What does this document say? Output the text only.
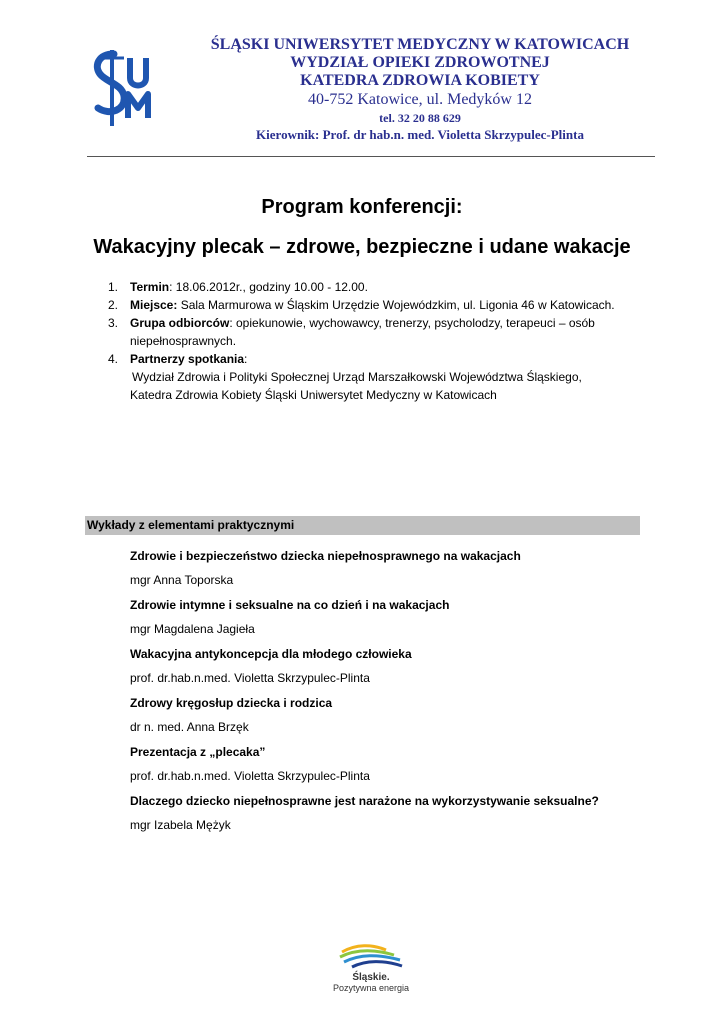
ŚLĄSKI UNIWERSYTET MEDYCZNY W KATOWICACH
WYDZIAŁ OPIEKI ZDROWOTNEJ
KATEDRA ZDROWIA KOBIETY
40-752 Katowice, ul. Medyków 12
tel. 32 20 88 629
Kierownik: Prof. dr hab.n. med. Violetta Skrzypulec-Plinta
Program konferencji:
Wakacyjny plecak – zdrowe, bezpieczne i udane wakacje
1. Termin: 18.06.2012r., godziny 10.00 - 12.00.
2. Miejsce: Sala Marmurowa w Śląskim Urzędzie Wojewódzkim, ul. Ligonia 46 w Katowicach.
3. Grupa odbiorców: opiekunowie, wychowawcy, trenerzy, psycholodzy, terapeuci – osób niepełnosprawnych.
4. Partnerzy spotkania:
Wydział Zdrowia i Polityki Społecznej Urząd Marszałkowski Województwa Śląskiego,
Katedra Zdrowia Kobiety Śląski Uniwersytet Medyczny w Katowicach
Wykłady z elementami praktycznymi
Zdrowie i bezpieczeństwo dziecka niepełnosprawnego na wakacjach
mgr Anna Toporska
Zdrowie intymne i seksualne na co dzień i na wakacjach
mgr Magdalena Jagieła
Wakacyjna antykoncepcja dla młodego człowieka
prof. dr.hab.n.med. Violetta Skrzypulec-Plinta
Zdrowy kręgosłup dziecka i rodzica
dr n. med. Anna Brzęk
Prezentacja z „plecaka”
prof. dr.hab.n.med. Violetta Skrzypulec-Plinta
Dlaczego dziecko niepełnosprawne jest narażone na wykorzystywanie seksualne?
mgr Izabela Mężyk
Śląskie.
Pozytywna energia
